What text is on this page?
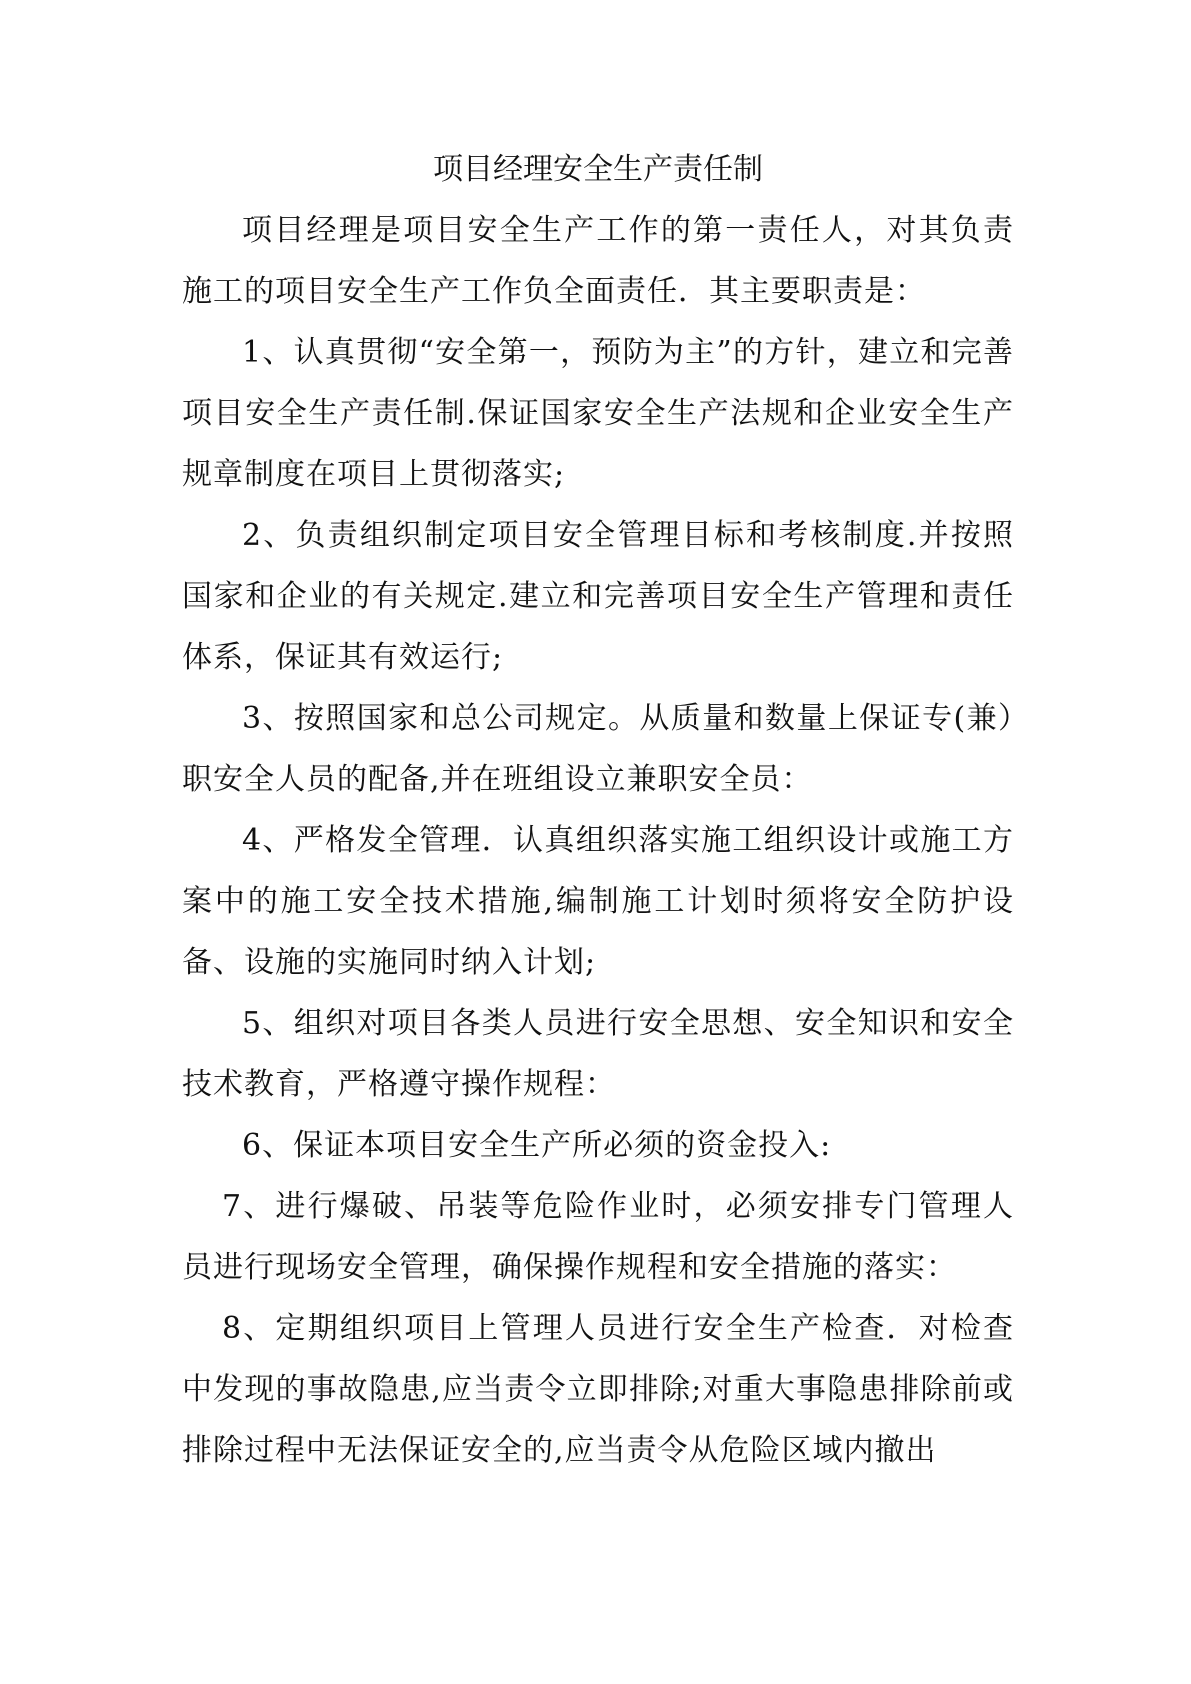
项目经理安全生产责任制

项目经理是项目安全生产工作的第一责任人，对其负责施工的项目安全生产工作负全面责任．其主要职责是：

1、认真贯彻“安全第一，预防为主”的方针，建立和完善项目安全生产责任制.保证国家安全生产法规和企业安全生产规章制度在项目上贯彻落实;

2、负责组织制定项目安全管理目标和考核制度.并按照国家和企业的有关规定.建立和完善项目安全生产管理和责任体系，保证其有效运行;

3、按照国家和总公司规定。从质量和数量上保证专(兼）职安全人员的配备,并在班组设立兼职安全员：

4、严格发全管理．认真组织落实施工组织设计或施工方案中的施工安全技术措施,编制施工计划时须将安全防护设备、设施的实施同时纳入计划;

5、组织对项目各类人员进行安全思想、安全知识和安全技术教育，严格遵守操作规程：

6、保证本项目安全生产所必须的资金投入:

7、进行爆破、吊装等危险作业时，必须安排专门管理人员进行现场安全管理，确保操作规程和安全措施的落实：

8、定期组织项目上管理人员进行安全生产检查．对检查中发现的事故隐患,应当责令立即排除;对重大事隐患排除前或排除过程中无法保证安全的,应当责令从危险区域内撤出
